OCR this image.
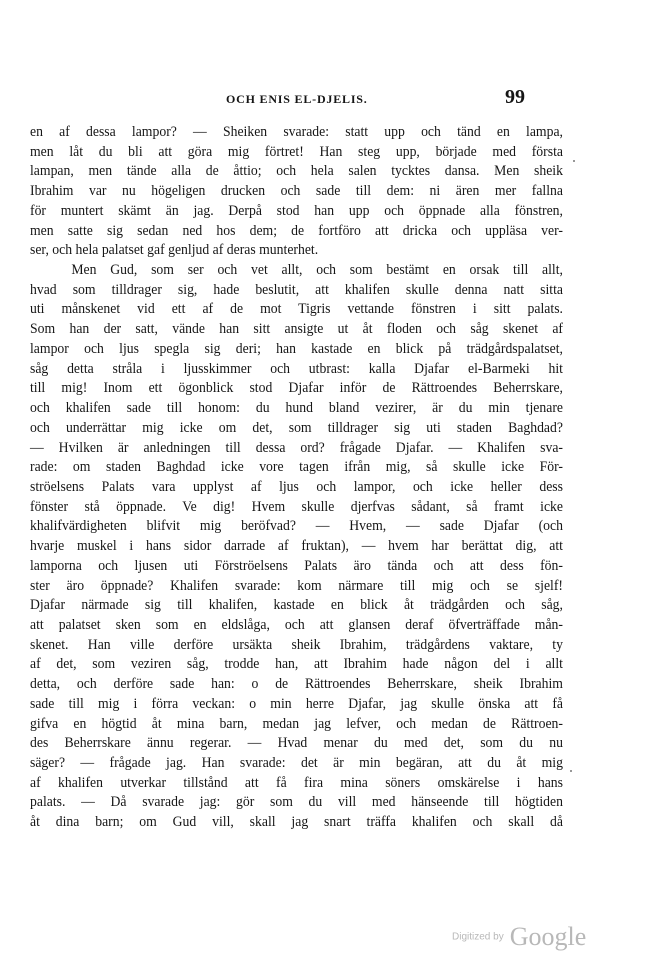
OCH ENIS EL-DJELIS.	99
en af dessa lampor? — Sheiken svarade: statt upp och tänd en lampa,
men låt du bli att göra mig förtret! Han steg upp, började med första
lampan, men tände alla de åttio; och hela salen tycktes dansa. Men sheik
Ibrahim var nu högeligen drucken och sade till dem: ni ären mer fallna
för muntert skämt än jag. Derpå stod han upp och öppnade alla fönstren,
men satte sig sedan ned hos dem; de fortföro att dricka och uppläsa ver-
ser, och hela palatset gaf genljud af deras munterhet.
Men Gud, som ser och vet allt, och som bestämt en orsak till allt,
hvad som tilldrager sig, hade beslutit, att khalifen skulle denna natt sitta
uti månskenet vid ett af de mot Tigris vettande fönstren i sitt palats.
Som han der satt, vände han sitt ansigte ut åt floden och såg skenet af
lampor och ljus spegla sig deri; han kastade en blick på trädgårdspalatset,
såg detta stråla i ljusskimmer och utbrast: kalla Djafar el-Barmeki hit
till mig! Inom ett ögonblick stod Djafar inför de Rättroendes Beherrskare,
och khalifen sade till honom: du hund bland vezirer, är du min tjenare
och underrättar mig icke om det, som tilldrager sig uti staden Baghdad?
— Hvilken är anledningen till dessa ord? frågade Djafar. — Khalifen sva-
rade: om staden Baghdad icke vore tagen ifrån mig, så skulle icke För-
ströelsens Palats vara upplyst af ljus och lampor, och icke heller dess
fönster stå öppnade. Ve dig! Hvem skulle djerfvas sådant, så framt icke
khalifvärdigheten blifvit mig beröfvad? — Hvem, — sade Djafar (och
hvarje muskel i hans sidor darrade af fruktan), — hvem har berättat dig, att
lamporna och ljusen uti Förströelsens Palats äro tända och att dess fön-
ster äro öppnade? Khalifen svarade: kom närmare till mig och se sjelf!
Djafar närmade sig till khalifen, kastade en blick åt trädgården och såg,
att palatset sken som en eldslåga, och att glansen deraf öfverträffade mån-
skenet. Han ville derföre ursäkta sheik Ibrahim, trädgårdens vaktare, ty
af det, som veziren såg, trodde han, att Ibrahim hade någon del i allt
detta, och derföre sade han: o de Rättroendes Beherrskare, sheik Ibrahim
sade till mig i förra veckan: o min herre Djafar, jag skulle önska att få
gifva en högtid åt mina barn, medan jag lefver, och medan de Rättroen-
des Beherrskare ännu regerar. — Hvad menar du med det, som du nu
säger? — frågade jag. Han svarade: det är min begäran, att du åt mig
af khalifen utverkar tillstånd att få fira mina söners omskärelse i hans
palats. — Då svarade jag: gör som du vill med hänseende till högtiden
åt dina barn; om Gud vill, skall jag snart träffa khalifen och skall då
Digitized by Google
